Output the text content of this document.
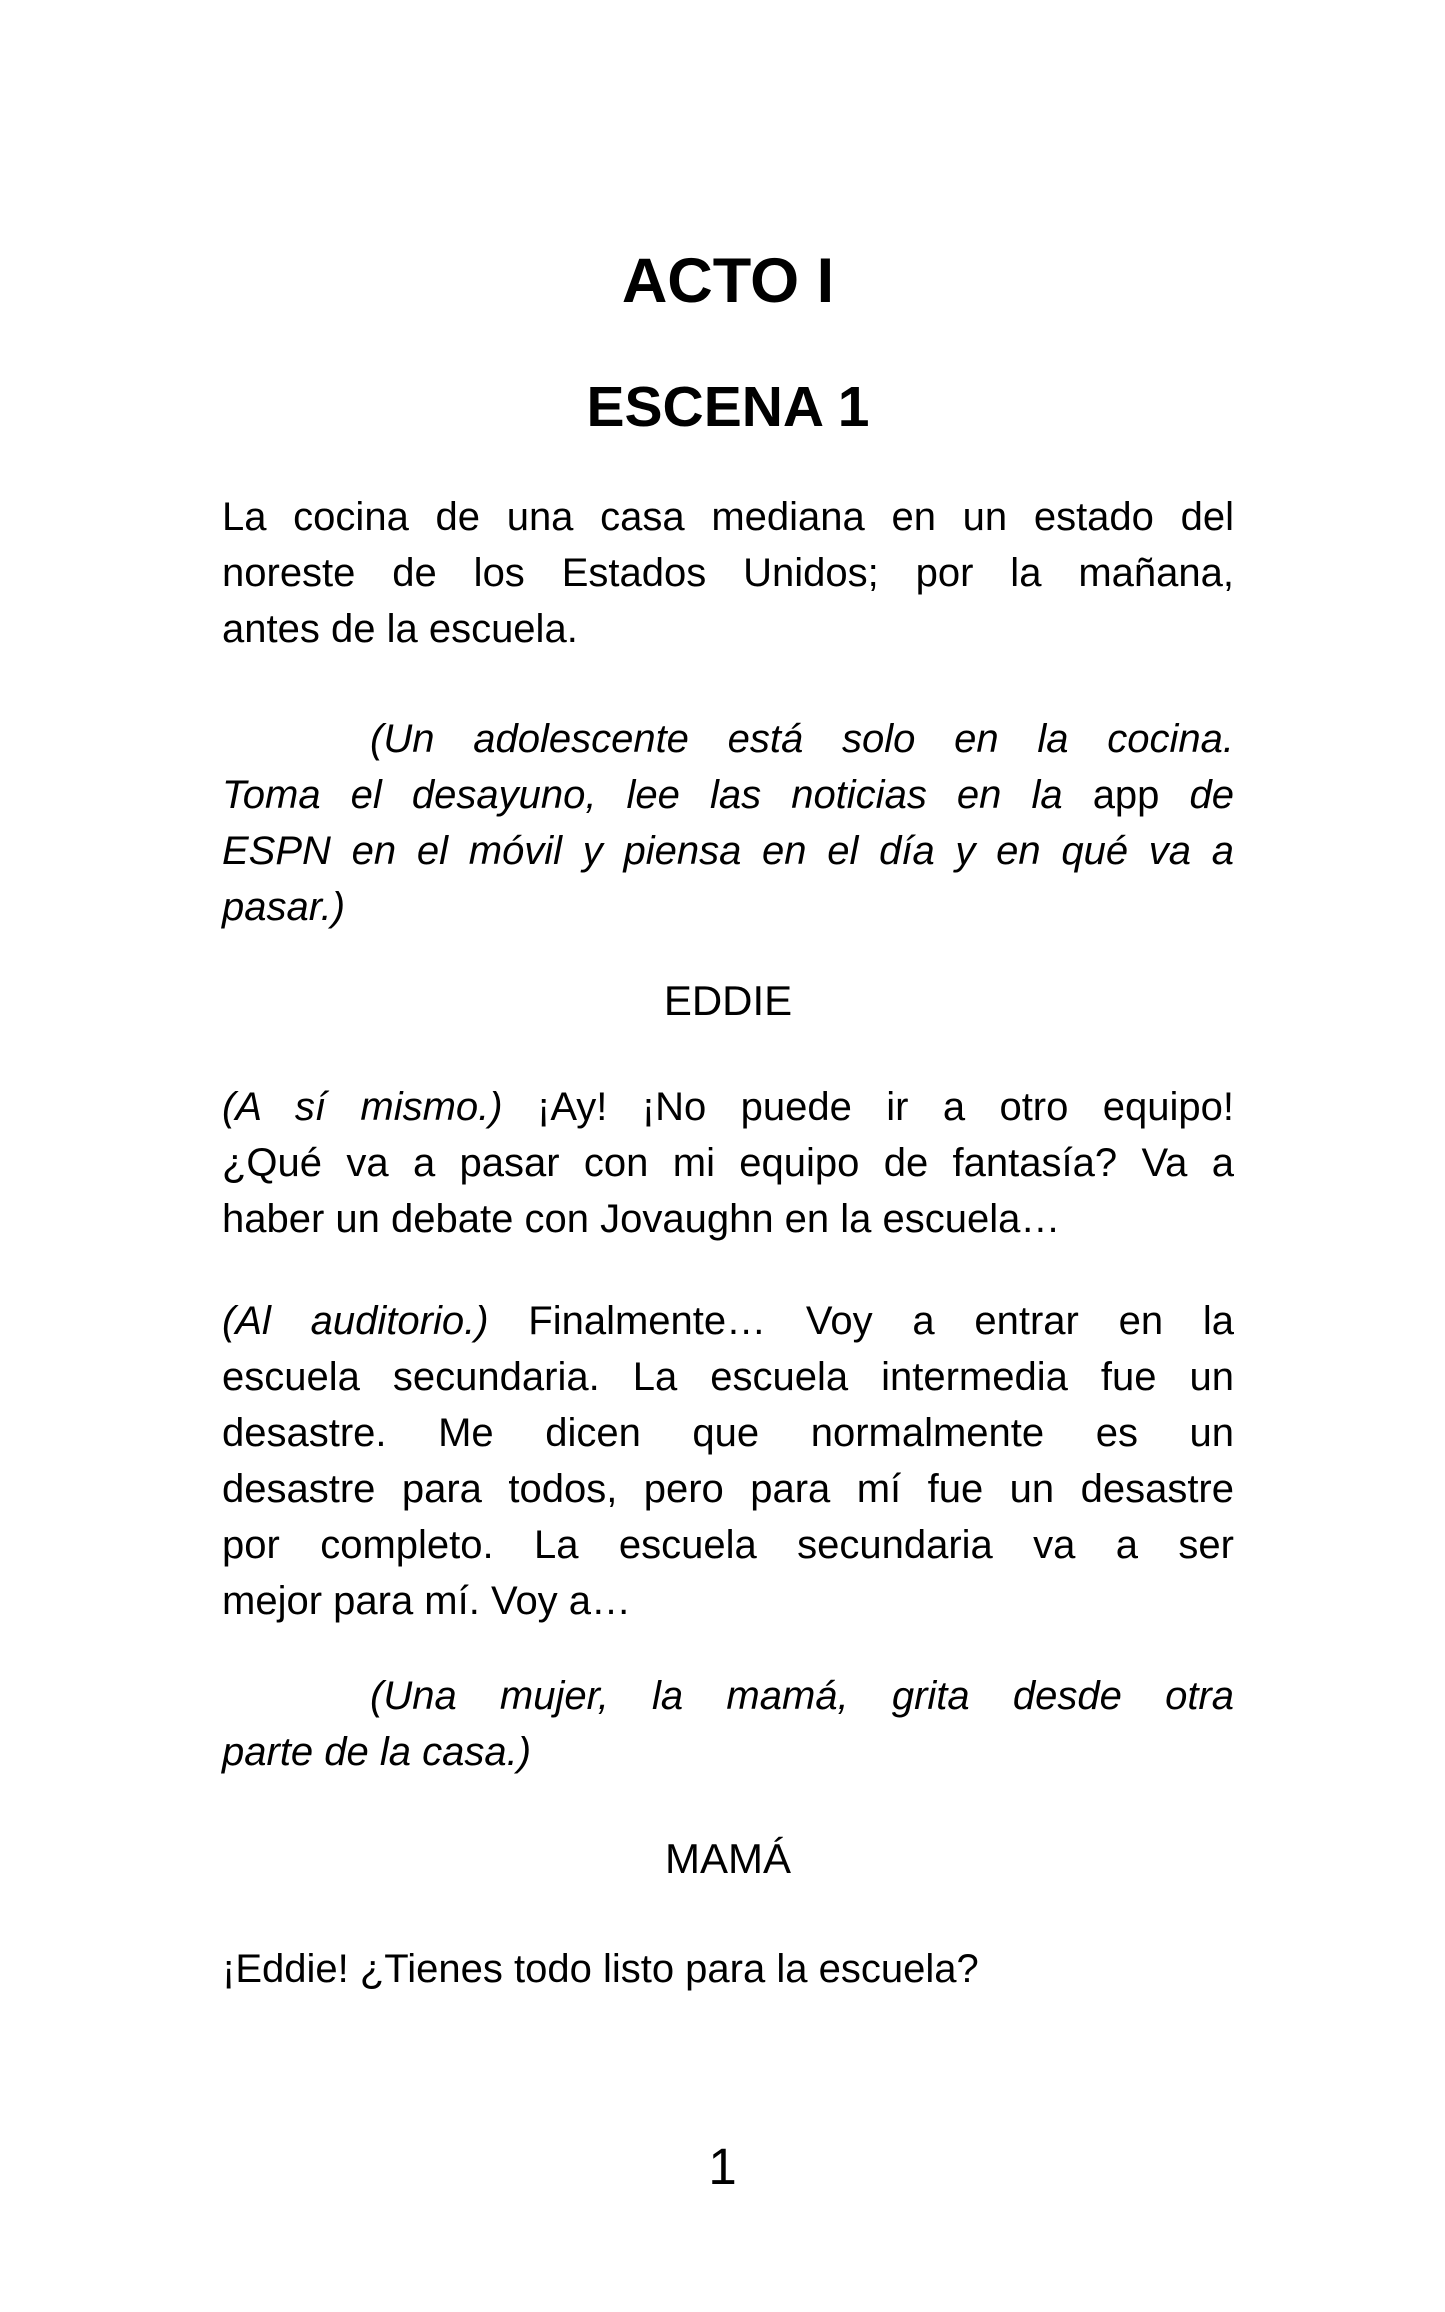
ACTO I
ESCENA 1
La cocina de una casa mediana en un estado del
noreste de los Estados Unidos; por la mañana,
antes de la escuela.
(Un adolescente está solo en la cocina.
Toma el desayuno, lee las noticias en la app de
ESPN en el móvil y piensa en el día y en qué va a
pasar.)
EDDIE
(A sí mismo.) ¡Ay! ¡No puede ir a otro equipo!
¿Qué va a pasar con mi equipo de fantasía? Va a
haber un debate con Jovaughn en la escuela…
(Al auditorio.) Finalmente… Voy a entrar en la
escuela secundaria. La escuela intermedia fue un
desastre. Me dicen que normalmente es un
desastre para todos, pero para mí fue un desastre
por completo. La escuela secundaria va a ser
mejor para mí. Voy a…
(Una mujer, la mamá, grita desde otra
parte de la casa.)
MAMÁ
¡Eddie! ¿Tienes todo listo para la escuela?
1
